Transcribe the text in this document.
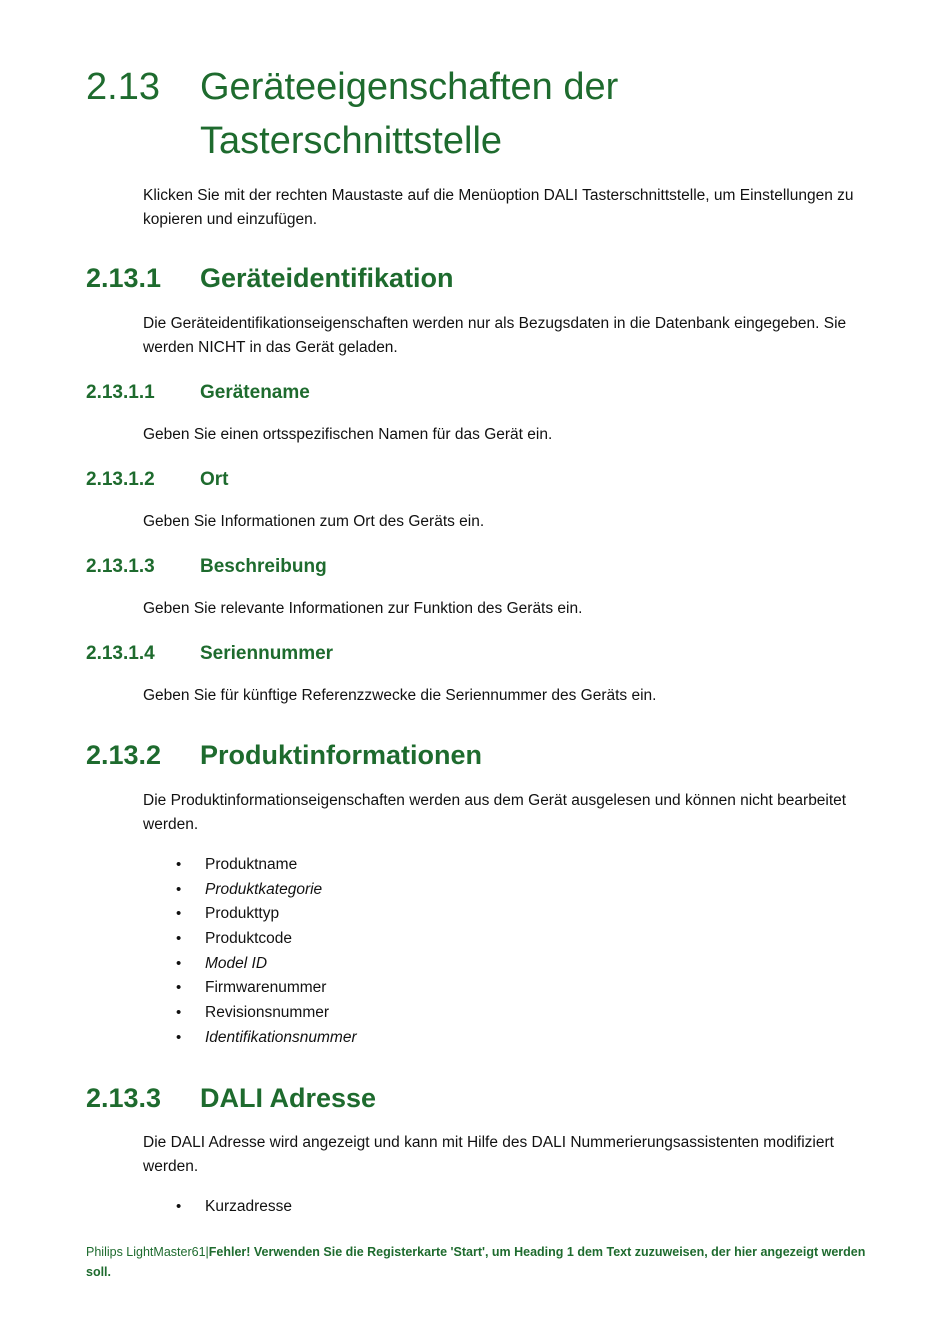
2.13 Geräteeigenschaften der Tasterschnittstelle

Klicken Sie mit der rechten Maustaste auf die Menüoption DALI Tasterschnittstelle, um Einstellungen zu kopieren und einzufügen.

2.13.1 Geräteidentifikation

Die Geräteidentifikationseigenschaften werden nur als Bezugsdaten in die Datenbank eingegeben. Sie werden NICHT in das Gerät geladen.

2.13.1.1 Gerätename

Geben Sie einen ortsspezifischen Namen für das Gerät ein.

2.13.1.2 Ort

Geben Sie Informationen zum Ort des Geräts ein.

2.13.1.3 Beschreibung

Geben Sie relevante Informationen zur Funktion des Geräts ein.

2.13.1.4 Seriennummer

Geben Sie für künftige Referenzzwecke die Seriennummer des Geräts ein.

2.13.2 Produktinformationen

Die Produktinformationseigenschaften werden aus dem Gerät ausgelesen und können nicht bearbeitet werden.

• Produktname
• Produktkategorie
• Produkttyp
• Produktcode
• Model ID
• Firmwarenummer
• Revisionsnummer
• Identifikationsnummer
2.13.3 DALI Adresse

Die DALI Adresse wird angezeigt und kann mit Hilfe des DALI Nummerierungsassistenten modifiziert werden.

• Kurzadresse
Philips LightMaster61|Fehler! Verwenden Sie die Registerkarte 'Start', um Heading 1 dem Text zuzuweisen, der hier angezeigt werden soll.
